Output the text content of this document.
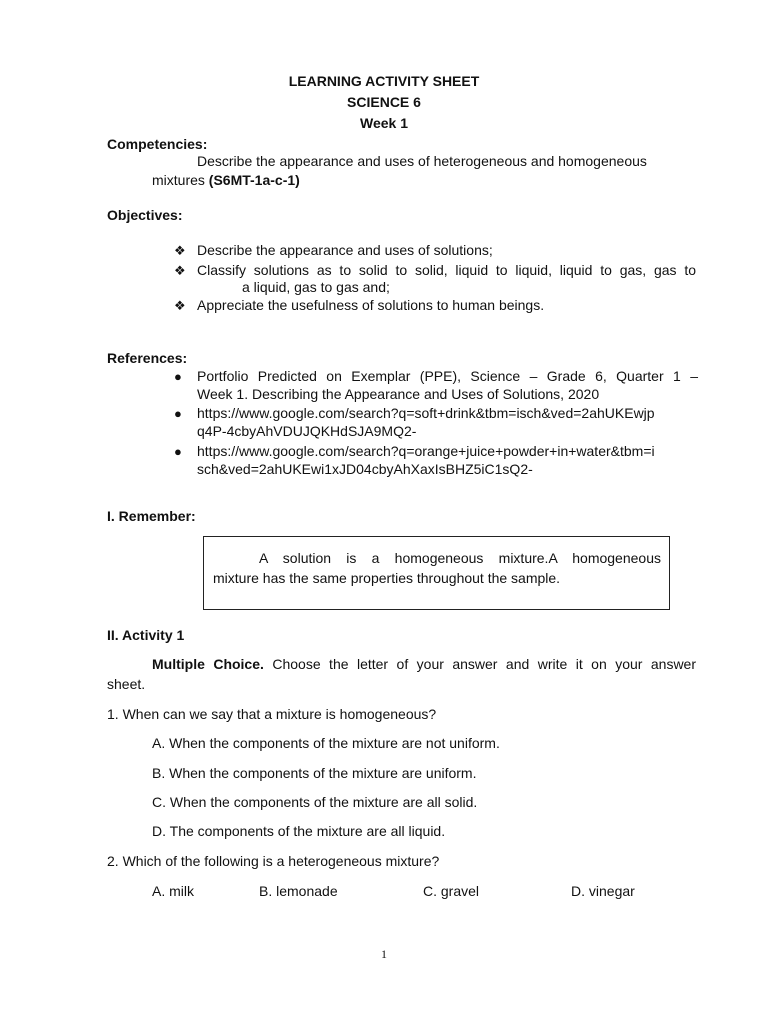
LEARNING ACTIVITY SHEET
SCIENCE 6
Week 1
Competencies:
Describe the appearance and uses of heterogeneous and homogeneous
mixtures (S6MT-1a-c-1)
Objectives:
❖ Describe the appearance and uses of solutions;
❖ Classify solutions as to solid to solid, liquid to liquid, liquid to gas, gas to
a liquid, gas to gas and;
❖ Appreciate the usefulness of solutions to human beings.
References:
● Portfolio Predicted on Exemplar (PPE), Science – Grade 6, Quarter 1 –
Week 1. Describing the Appearance and Uses of Solutions, 2020
● https://www.google.com/search?q=soft+drink&tbm=isch&ved=2ahUKEwjp
q4P-4cbyAhVDUJQKHdSJA9MQ2-
● https://www.google.com/search?q=orange+juice+powder+in+water&tbm=i
sch&ved=2ahUKEwi1xJD04cbyAhXaxIsBHZ5iC1sQ2-
I. Remember:
A solution is a homogeneous mixture.A homogeneous
mixture has the same properties throughout the sample.
II. Activity 1
Multiple Choice. Choose the letter of your answer and write it on your answer
sheet.
1. When can we say that a mixture is homogeneous?
A. When the components of the mixture are not uniform.
B. When the components of the mixture are uniform.
C. When the components of the mixture are all solid.
D. The components of the mixture are all liquid.
2. Which of the following is a heterogeneous mixture?
A. milk	B. lemonade	C. gravel	D. vinegar
1
